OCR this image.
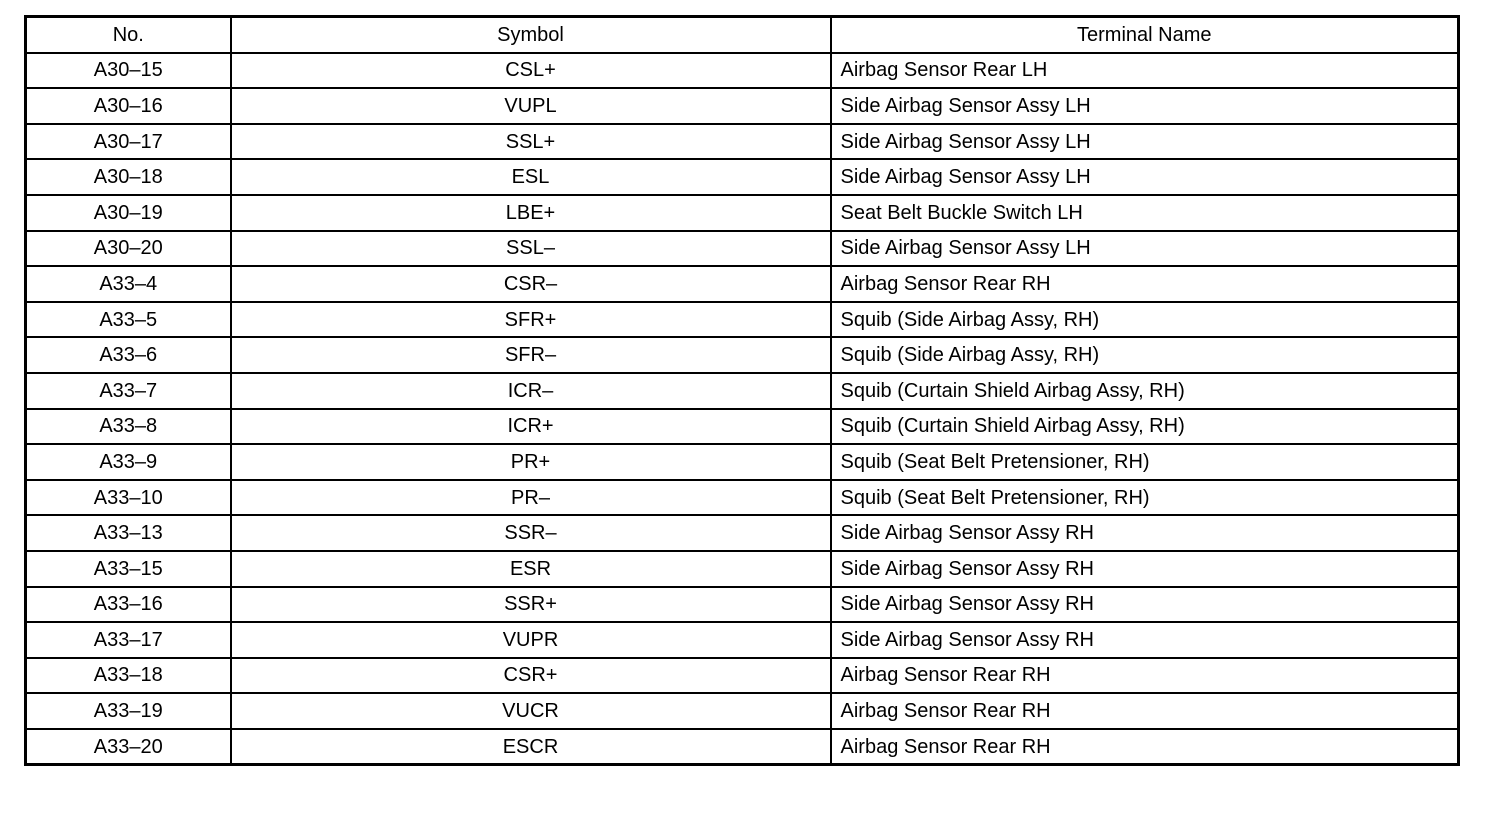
No.	Symbol	Terminal Name
A30–15	CSL+	Airbag Sensor Rear LH
A30–16	VUPL	Side Airbag Sensor Assy LH
A30–17	SSL+	Side Airbag Sensor Assy LH
A30–18	ESL	Side Airbag Sensor Assy LH
A30–19	LBE+	Seat Belt Buckle Switch LH
A30–20	SSL–	Side Airbag Sensor Assy LH
A33–4	CSR–	Airbag Sensor Rear RH
A33–5	SFR+	Squib (Side Airbag Assy, RH)
A33–6	SFR–	Squib (Side Airbag Assy, RH)
A33–7	ICR–	Squib (Curtain Shield Airbag Assy, RH)
A33–8	ICR+	Squib (Curtain Shield Airbag Assy, RH)
A33–9	PR+	Squib (Seat Belt Pretensioner, RH)
A33–10	PR–	Squib (Seat Belt Pretensioner, RH)
A33–13	SSR–	Side Airbag Sensor Assy RH
A33–15	ESR	Side Airbag Sensor Assy RH
A33–16	SSR+	Side Airbag Sensor Assy RH
A33–17	VUPR	Side Airbag Sensor Assy RH
A33–18	CSR+	Airbag Sensor Rear RH
A33–19	VUCR	Airbag Sensor Rear RH
A33–20	ESCR	Airbag Sensor Rear RH
